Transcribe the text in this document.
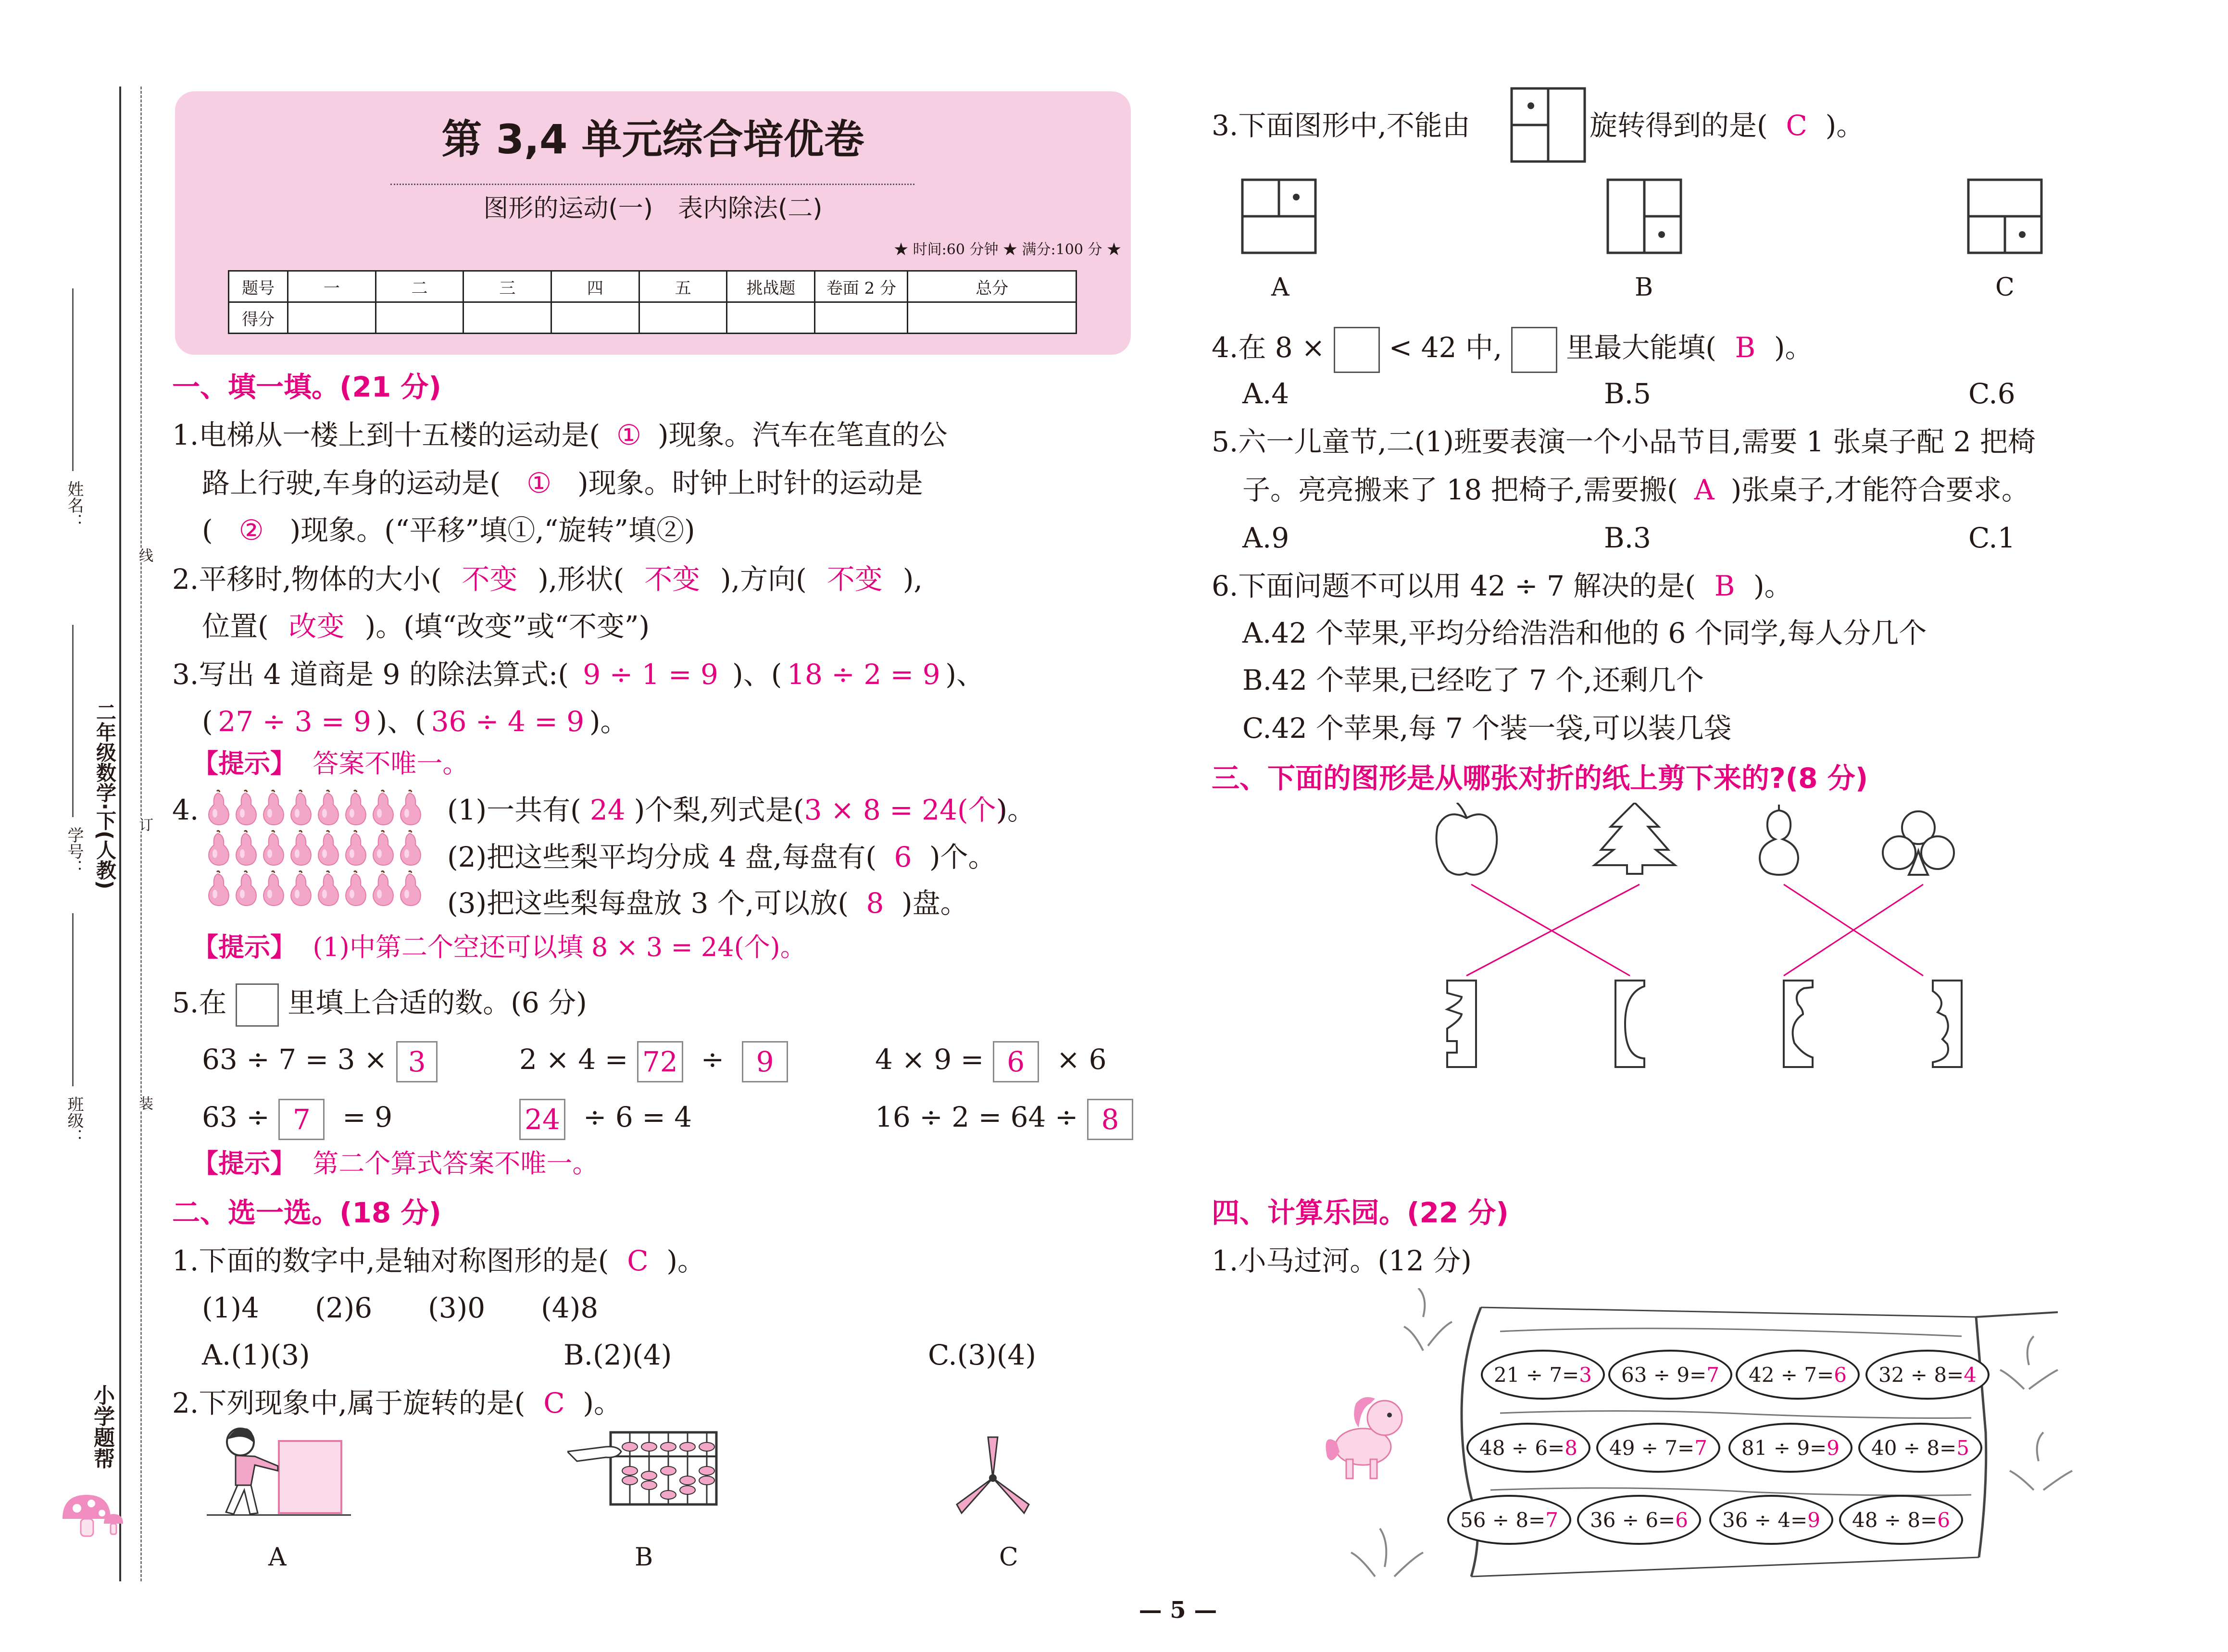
姓名：
学号： 二年级数学·下(人教)
班级：
线
订
装
小学题帮
第 3,4 单元综合培优卷
图形的运动(一)　表内除法(二)
★ 时间:60 分钟 ★ 满分:100 分 ★
题号	一	二	三	四	五	挑战题	卷面 2 分	总分
得分								
一、填一填。(21 分)
1.电梯从一楼上到十五楼的运动是( ① )现象。汽车在笔直的公
路上行驶,车身的运动是( ① )现象。时钟上时针的运动是
( ② )现象。(“平移”填①,“旋转”填②)
2.平移时,物体的大小( 不变 ),形状( 不变 ),方向( 不变 ),
位置( 改变 )。(填“改变”或“不变”)
3.写出 4 道商是 9 的除法算式:( 9 ÷ 1 = 9 )、( 18 ÷ 2 = 9 )、
( 27 ÷ 3 = 9 )、( 36 ÷ 4 = 9 )。
【提示】 答案不唯一。
4.	(1)一共有( 24 )个梨,列式是(3 × 8 = 24(个))。
(2)把这些梨平均分成 4 盘,每盘有( 6 )个。
(3)把这些梨每盘放 3 个,可以放( 8 )盘。
【提示】 (1)中第二个空还可以填 8 × 3 = 24(个)。
5.在 里填上合适的数。(6 分)
63 ÷ 7 = 3 × 3	2 × 4 = 72 ÷ 9	4 × 9 = 6 × 6
63 ÷ 7 = 9	24 ÷ 6 = 4	16 ÷ 2 = 64 ÷ 8
【提示】 第二个算式答案不唯一。
二、选一选。(18 分)
1.下面的数字中,是轴对称图形的是( C )。
(1)4　　(2)6　　(3)0　　(4)8
A.(1)(3)	B.(2)(4)	C.(3)(4)
2.下列现象中,属于旋转的是( C )。
A	B	C
3.下面图形中,不能由	旋转得到的是( C )。
A	B	C
4.在 8 × < 42 中, 里最大能填( B )。
A.4	B.5	C.6
5.六一儿童节,二(1)班要表演一个小品节目,需要 1 张桌子配 2 把椅
子。亮亮搬来了 18 把椅子,需要搬( A )张桌子,才能符合要求。
A.9	B.3	C.1
6.下面问题不可以用 42 ÷ 7 解决的是( B )。
A.42 个苹果,平均分给浩浩和他的 6 个同学,每人分几个
B.42 个苹果,已经吃了 7 个,还剩几个
C.42 个苹果,每 7 个装一袋,可以装几袋
三、下面的图形是从哪张对折的纸上剪下来的?(8 分)
四、计算乐园。(22 分)
1.小马过河。(12 分)
21 ÷ 7= 3 63 ÷ 9= 7 42 ÷ 7= 6 32 ÷ 8= 4
48 ÷ 6= 8 49 ÷ 7= 7 81 ÷ 9= 9 40 ÷ 8= 5
56 ÷ 8= 7 36 ÷ 6= 6 36 ÷ 4= 9 48 ÷ 8= 6
— 5 —
